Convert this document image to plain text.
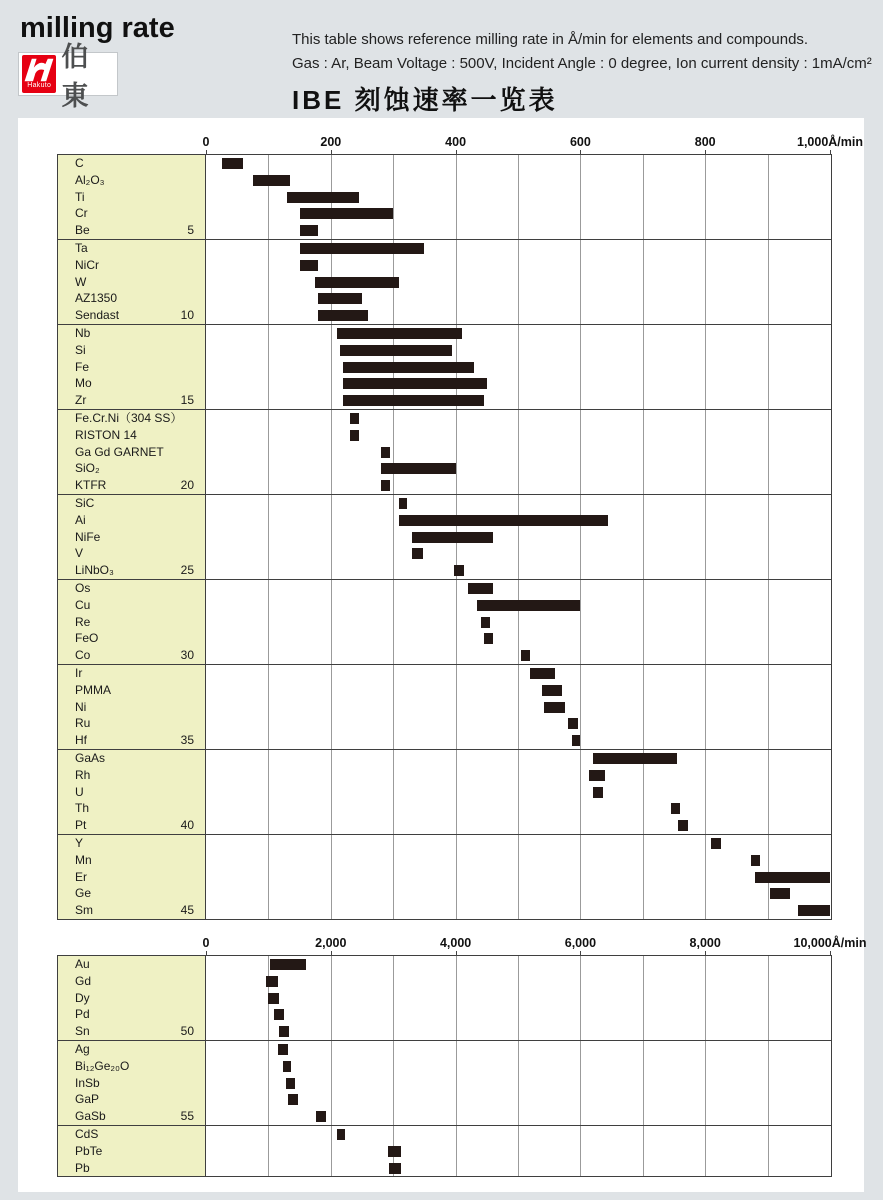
milling rate
Hakuto
伯東
This table shows reference milling rate in Å/min for elements and compounds.
Gas : Ar, Beam Voltage : 500V, Incident Angle : 0 degree, Ion current density : 1mA/cm²
IBE 刻蚀速率一览表
0	200	400	600	800	1,000Å/min
C
Al₂O₃
Ti
Cr
Be	5
Ta
NiCr
W
AZ1350
Sendast	10
Nb
Si
Fe
Mo
Zr	15
Fe.Cr.Ni（304 SS）
RISTON 14
Ga Gd GARNET
SiO₂
KTFR	20
SiC
Ai
NiFe
V
LiNbO₃	25
Os
Cu
Re
FeO
Co	30
Ir
PMMA
Ni
Ru
Hf	35
GaAs
Rh
U
Th
Pt	40
Y
Mn
Er
Ge
Sm	45
0	2,000	4,000	6,000	8,000	10,000Å/min
Au
Gd
Dy
Pd
Sn	50
Ag
Bi₁₂Ge₂₀O
InSb
GaP
GaSb	55
CdS
PbTe
Pb
